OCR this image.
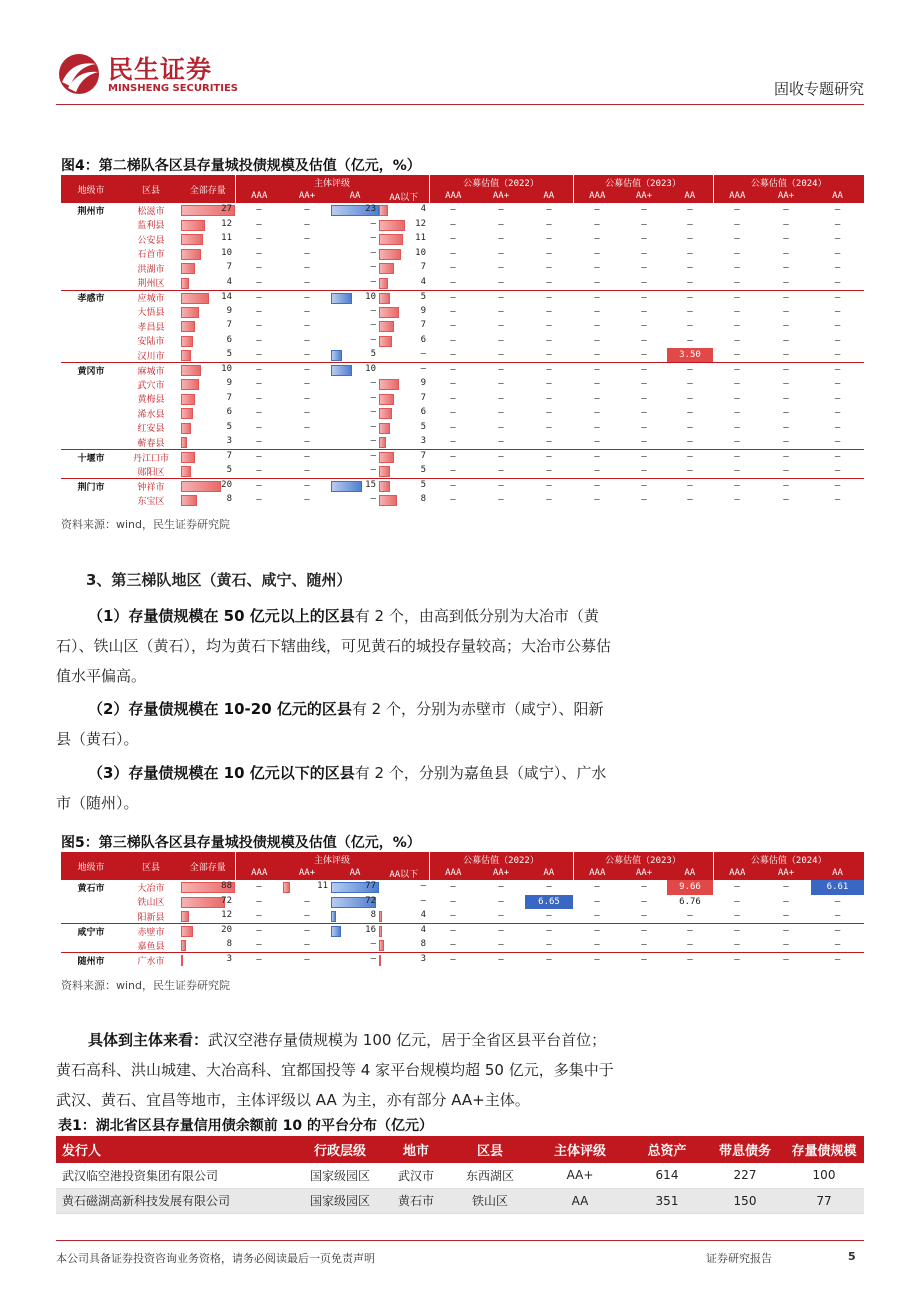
民生证券
MINSHENG SECURITIES	固收专题研究
图4：第二梯队各区县存量城投债规模及估值（亿元，%）
地级市	区县	全部存量	主体评级				公募估值（2022）			公募估值（2023）			公募估值（2024）		
			AAA	AA+	AA	AA以下	AAA	AA+	AA	AAA	AA+	AA	AAA	AA+	AA
荆州市	松滋市	27	–	–	23	4	–	–	–	–	–	–	–	–	–
	监利县	12	–	–	–	12	–	–	–	–	–	–	–	–	–
	公安县	11	–	–	–	11	–	–	–	–	–	–	–	–	–
	石首市	10	–	–	–	10	–	–	–	–	–	–	–	–	–
	洪湖市	7	–	–	–	7	–	–	–	–	–	–	–	–	–
	荆州区	4	–	–	–	4	–	–	–	–	–	–	–	–	–
孝感市	应城市	14	–	–	10	5	–	–	–	–	–	–	–	–	–
	大悟县	9	–	–	–	9	–	–	–	–	–	–	–	–	–
	孝昌县	7	–	–	–	7	–	–	–	–	–	–	–	–	–
	安陆市	6	–	–	–	6	–	–	–	–	–	–	–	–	–
	汉川市	5	–	–	5	–	–	–	–	–	–	3.50	–	–	–
黄冈市	麻城市	10	–	–	10	–	–	–	–	–	–	–	–	–	–
	武穴市	9	–	–	–	9	–	–	–	–	–	–	–	–	–
	黄梅县	7	–	–	–	7	–	–	–	–	–	–	–	–	–
	浠水县	6	–	–	–	6	–	–	–	–	–	–	–	–	–
	红安县	5	–	–	–	5	–	–	–	–	–	–	–	–	–
	蕲春县	3	–	–	–	3	–	–	–	–	–	–	–	–	–
十堰市	丹江口市	7	–	–	–	7	–	–	–	–	–	–	–	–	–
	郧阳区	5	–	–	–	5	–	–	–	–	–	–	–	–	–
荆门市	钟祥市	20	–	–	15	5	–	–	–	–	–	–	–	–	–
	东宝区	8	–	–	–	8	–	–	–	–	–	–	–	–	–
资料来源：wind，民生证券研究院
3、第三梯队地区（黄石、咸宁、随州）
（1）存量债规模在 50 亿元以上的区县有 2 个，由高到低分别为大冶市（黄石）、铁山区（黄石），均为黄石下辖曲线，可见黄石的城投存量较高；大冶市公募估值水平偏高。
（2）存量债规模在 10-20 亿元的区县有 2 个，分别为赤壁市（咸宁）、阳新县（黄石）。
（3）存量债规模在 10 亿元以下的区县有 2 个，分别为嘉鱼县（咸宁）、广水市（随州）。
图5：第三梯队各区县存量城投债规模及估值（亿元，%）
地级市	区县	全部存量	主体评级				公募估值（2022）			公募估值（2023）			公募估值（2024）		
			AAA	AA+	AA	AA以下	AAA	AA+	AA	AAA	AA+	AA	AAA	AA+	AA
黄石市	大冶市	88	–	11	77	–	–	–	–	–	–	9.66	–	–	6.61
	铁山区	72	–	–	72	–	–	–	6.65	–	–	6.76	–	–	–
	阳新县	12	–	–	8	4	–	–	–	–	–	–	–	–	–
咸宁市	赤壁市	20	–	–	16	4	–	–	–	–	–	–	–	–	–
	嘉鱼县	8	–	–	–	8	–	–	–	–	–	–	–	–	–
随州市	广水市	3	–	–	–	3	–	–	–	–	–	–	–	–	–
资料来源：wind，民生证券研究院
具体到主体来看：武汉空港存量债规模为 100 亿元，居于全省区县平台首位；黄石高科、洪山城建、大冶高科、宜都国投等 4 家平台规模均超 50 亿元，多集中于武汉、黄石、宜昌等地市，主体评级以 AA 为主，亦有部分 AA+主体。
表1：湖北省区县存量信用债余额前 10 的平台分布（亿元）
发行人	行政层级	地市	区县	主体评级	总资产	带息债务	存量债规模
武汉临空港投资集团有限公司	国家级园区	武汉市	东西湖区	AA+	614	227	100
黄石磁湖高新科技发展有限公司	国家级园区	黄石市	铁山区	AA	351	150	77
本公司具备证券投资咨询业务资格，请务必阅读最后一页免责声明	证券研究报告	5
